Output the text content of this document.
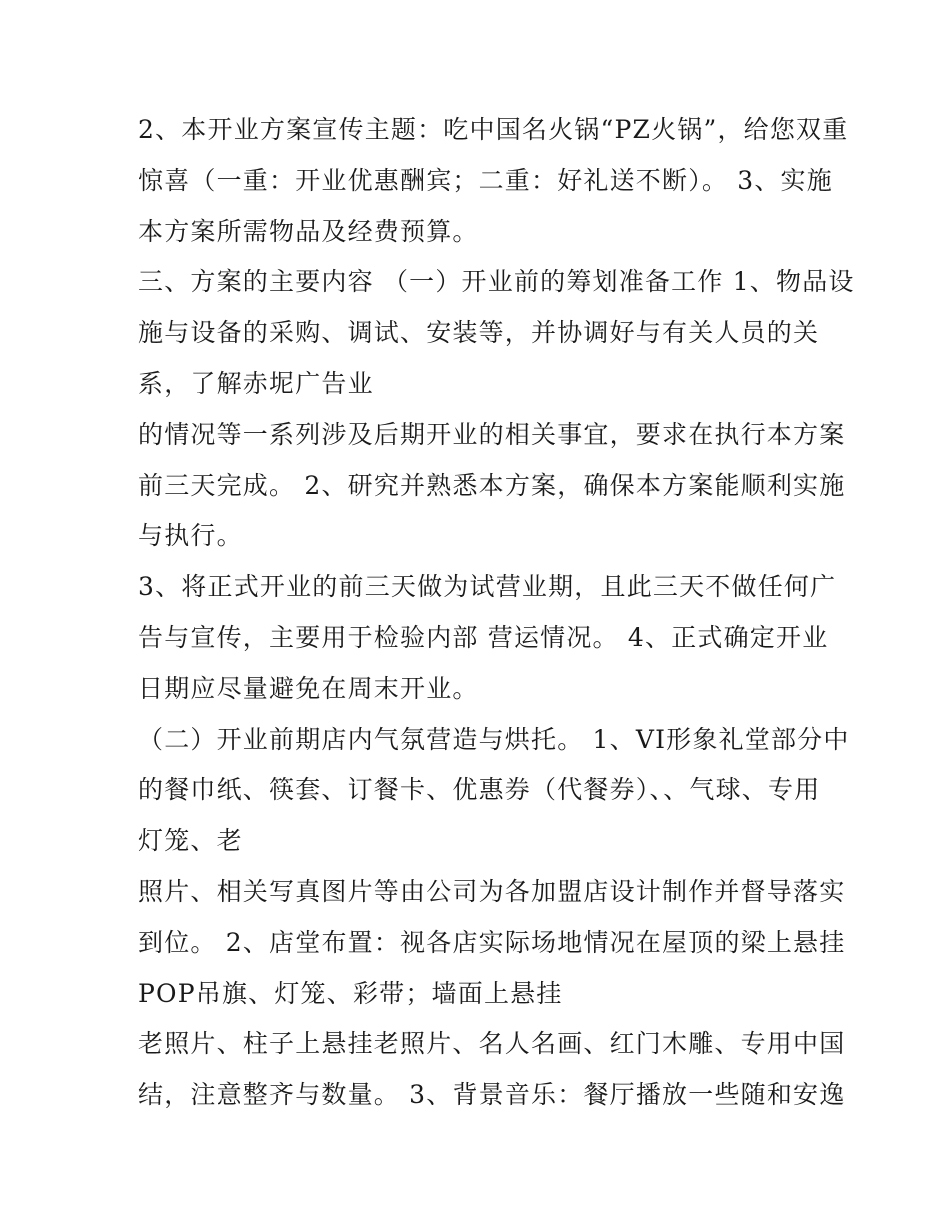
2、本开业方案宣传主题：吃中国名火锅“PZ火锅”，给您双重
惊喜（一重：开业优惠酬宾；二重：好礼送不断）。 3、实施
本方案所需物品及经费预算。
三、方案的主要内容 （一）开业前的筹划准备工作 1、物品设
施与设备的采购、调试、安装等，并协调好与有关人员的关
系，了解赤坭广告业
的情况等一系列涉及后期开业的相关事宜，要求在执行本方案
前三天完成。 2、研究并熟悉本方案，确保本方案能顺利实施
与执行。
3、将正式开业的前三天做为试营业期，且此三天不做任何广
告与宣传，主要用于检验内部 营运情况。 4、正式确定开业
日期应尽量避免在周末开业。
（二）开业前期店内气氛营造与烘托。 1、VI形象礼堂部分中
的餐巾纸、筷套、订餐卡、优惠券（代餐券）、、气球、专用
灯笼、老
照片、相关写真图片等由公司为各加盟店设计制作并督导落实
到位。 2、店堂布置：视各店实际场地情况在屋顶的梁上悬挂
POP吊旗、灯笼、彩带；墙面上悬挂
老照片、柱子上悬挂老照片、名人名画、红门木雕、专用中国
结，注意整齐与数量。 3、背景音乐：餐厅播放一些随和安逸
